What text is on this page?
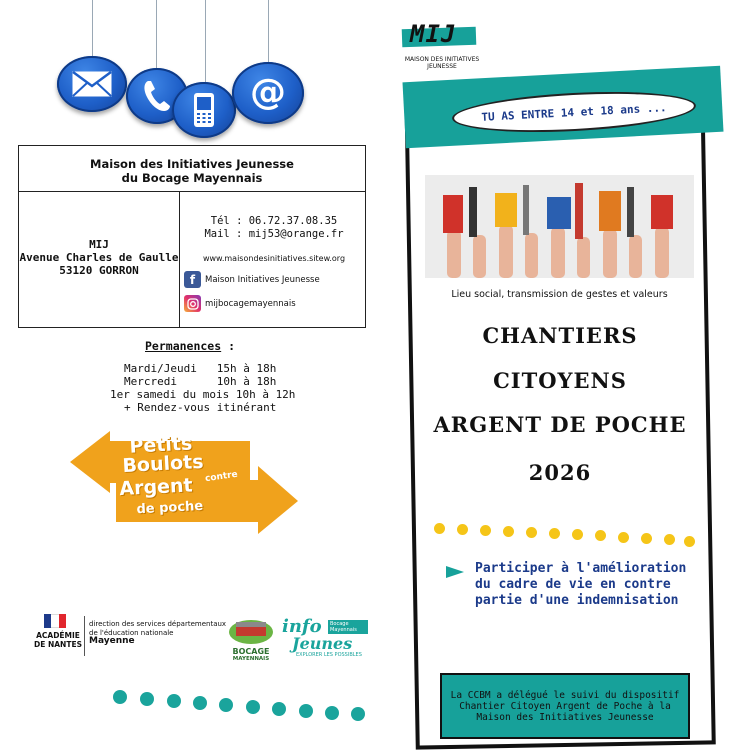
@
Maison des Initiatives Jeunesse
du Bocage Mayennais
MIJ
Avenue Charles de Gaulle
53120 GORRON
Tél : 06.72.37.08.35
Mail : mij53@orange.fr
www.maisondesinitiatives.sitew.org
f	Maison Initiatives Jeunesse
mijbocagemayennais
Permanences :
Mardi/Jeudi   15h à 18h
Mercredi      10h à 18h
1er samedi du mois 10h à 12h
+ Rendez-vous itinérant
Petits
Boulots contre
Argent
de poche
ACADÉMIE
DE NANTES
direction des services départementaux
de l'éducation nationale
Mayenne
BOCAGE
MAYENNAIS
info
Jeunes
Bocage Mayennais
EXPLORER LES POSSIBLES
MIJ
MAISON DES INITIATIVES
JEUNESSE
TU AS ENTRE 14 et 18 ans ...
Lieu social, transmission de gestes et valeurs
CHANTIERS
CITOYENS
ARGENT DE POCHE
2026
Participer à l'amélioration
du cadre de vie en contre
partie d'une indemnisation
La CCBM a délégué le suivi du dispositif
Chantier Citoyen Argent de Poche à la
Maison des Initiatives Jeunesse
